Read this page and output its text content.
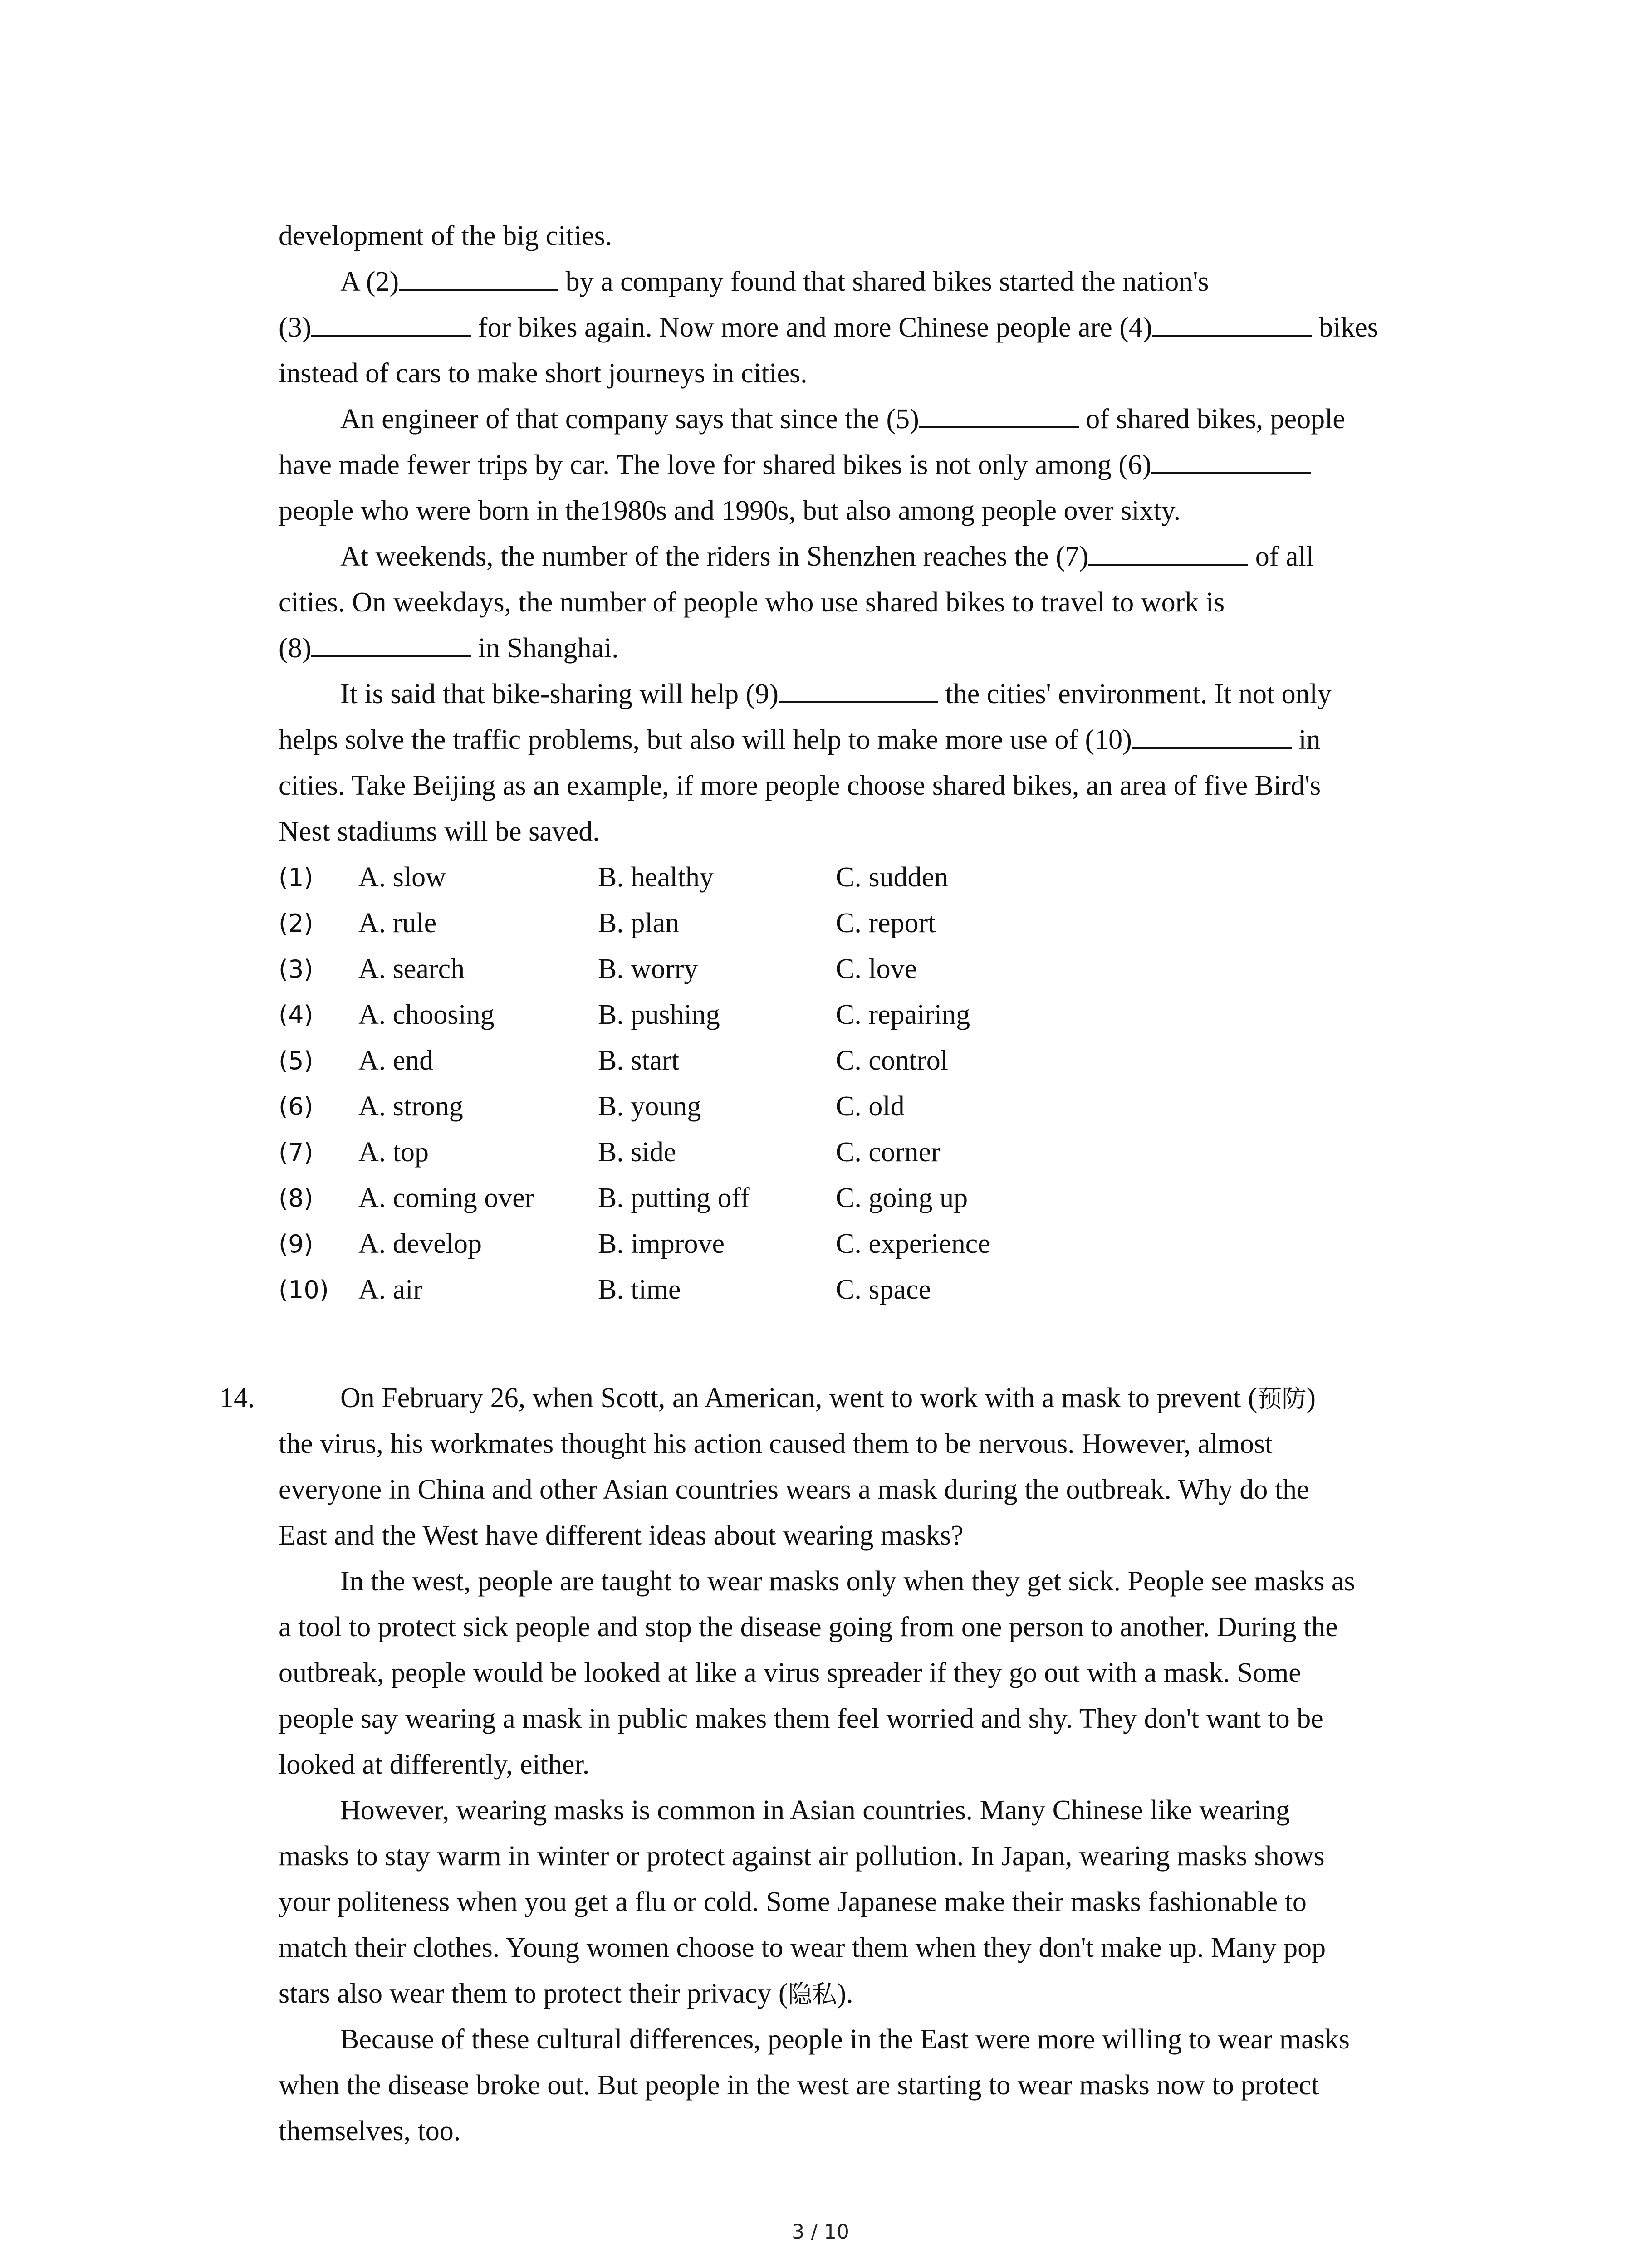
development of the big cities.
A (2)	by a company found that shared bikes started the nation's
(3)	for bikes again. Now more and more Chinese people are (4)	bikes
instead of cars to make short journeys in cities.
An engineer of that company says that since the (5)	of shared bikes, people
have made fewer trips by car. The love for shared bikes is not only among (6)
people who were born in the1980s and 1990s, but also among people over sixty.
At weekends, the number of the riders in Shenzhen reaches the (7)	of all
cities. On weekdays, the number of people who use shared bikes to travel to work is
(8)	in Shanghai.
It is said that bike-sharing will help (9)	the cities' environment. It not only
helps solve the traffic problems, but also will help to make more use of (10)	in
cities. Take Beijing as an example, if more people choose shared bikes, an area of five Bird's
Nest stadiums will be saved.
(1) A. slow	B. healthy	C. sudden
(2) A. rule	B. plan	C. report
(3) A. search	B. worry	C. love
(4) A. choosing	B. pushing	C. repairing
(5) A. end	B. start	C. control
(6) A. strong	B. young	C. old
(7) A. top	B. side	C. corner
(8) A. coming over B. putting off	C. going up
(9) A. develop	B. improve	C. experience
(10) A. air	B. time	C. space
14.	On February 26, when Scott, an American, went to work with a mask to prevent (预防)
the virus, his workmates thought his action caused them to be nervous. However, almost
everyone in China and other Asian countries wears a mask during the outbreak. Why do the
East and the West have different ideas about wearing masks?
In the west, people are taught to wear masks only when they get sick. People see masks as
a tool to protect sick people and stop the disease going from one person to another. During the
outbreak, people would be looked at like a virus spreader if they go out with a mask. Some
people say wearing a mask in public makes them feel worried and shy. They don't want to be
looked at differently, either.
However, wearing masks is common in Asian countries. Many Chinese like wearing
masks to stay warm in winter or protect against air pollution. In Japan, wearing masks shows
your politeness when you get a flu or cold. Some Japanese make their masks fashionable to
match their clothes. Young women choose to wear them when they don't make up. Many pop
stars also wear them to protect their privacy (隐私).
Because of these cultural differences, people in the East were more willing to wear masks
when the disease broke out. But people in the west are starting to wear masks now to protect
themselves, too.
3 / 10
